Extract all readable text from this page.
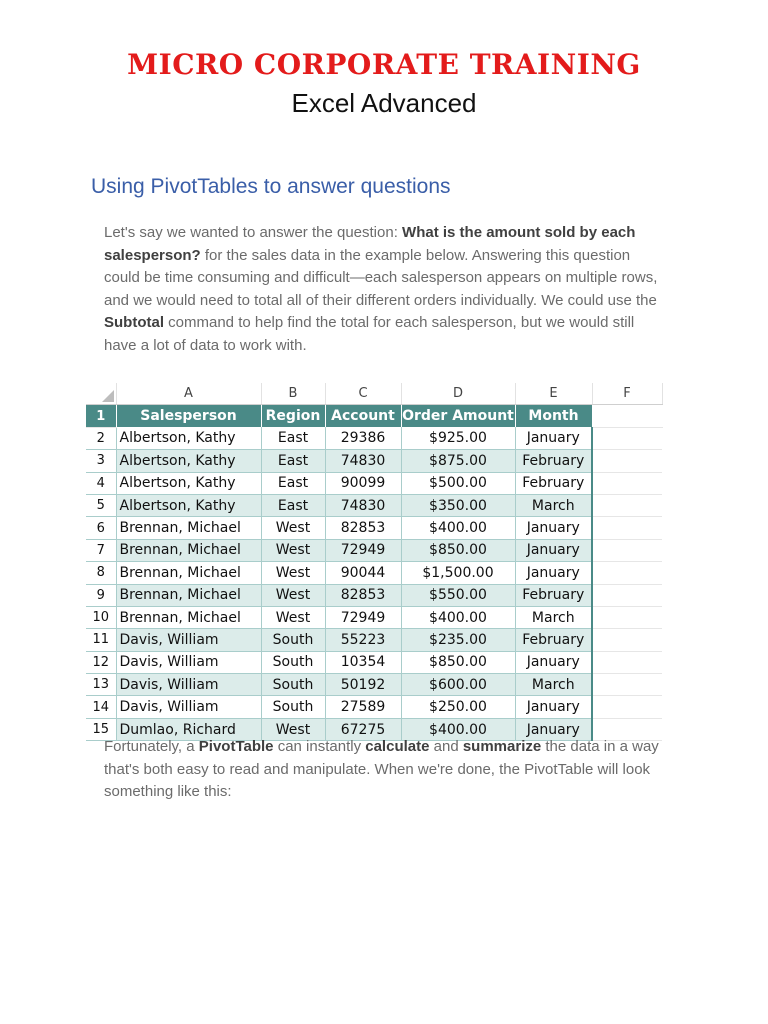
MICRO CORPORATE TRAINING
Excel Advanced
Using PivotTables to answer questions

Let's say we wanted to answer the question: What is the amount sold by each salesperson? for the sales data in the example below. Answering this question could be time consuming and difficult—each salesperson appears on multiple rows, and we would need to total all of their different orders individually. We could use the Subtotal command to help find the total for each salesperson, but we would still have a lot of data to work with.

	A	B	C	D	E	F
1	Salesperson	Region	Account	Order Amount	Month	
2	Albertson, Kathy	East	29386	$925.00	January	
3	Albertson, Kathy	East	74830	$875.00	February	
4	Albertson, Kathy	East	90099	$500.00	February	
5	Albertson, Kathy	East	74830	$350.00	March	
6	Brennan, Michael	West	82853	$400.00	January	
7	Brennan, Michael	West	72949	$850.00	January	
8	Brennan, Michael	West	90044	$1,500.00	January	
9	Brennan, Michael	West	82853	$550.00	February	
10	Brennan, Michael	West	72949	$400.00	March	
11	Davis, William	South	55223	$235.00	February	
12	Davis, William	South	10354	$850.00	January	
13	Davis, William	South	50192	$600.00	March	
14	Davis, William	South	27589	$250.00	January	
15	Dumlao, Richard	West	67275	$400.00	January	

Fortunately, a PivotTable can instantly calculate and summarize the data in a way that's both easy to read and manipulate. When we're done, the PivotTable will look something like this:
